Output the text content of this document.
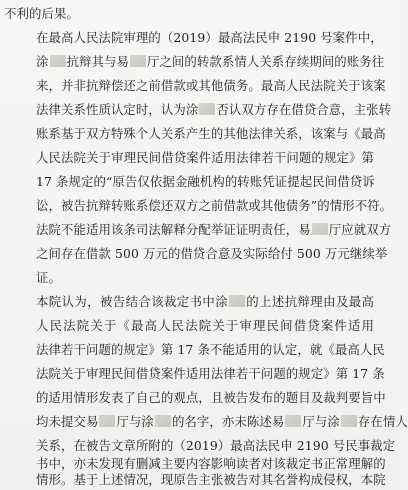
不利的后果。
在最高人民法院审理的（2019）最高法民申 2190 号案件中，
涂 抗辩其与易 厅之间的转款系情人关系存续期间的账务往
来，并非抗辩偿还之前借款或其他债务。最高人民法院关于该案
法律关系性质认定时，认为涂 否认双方存在借贷合意，主张转
账系基于双方特殊个人关系产生的其他法律关系，该案与《最高
人民法院关于审理民间借贷案件适用法律若干问题的规定》第
17 条规定的“原告仅依据金融机构的转账凭证提起民间借贷诉
讼，被告抗辩转账系偿还双方之前借款或其他债务”的情形不符。
法院不能适用该条司法解释分配举证证明责任，易 厅应就双方
之间存在借款 500 万元的借贷合意及实际给付 500 万元继续举
证。
本院认为，被告结合该裁定书中涂 的上述抗辩理由及最高
人民法院关于《最高人民法院关于审理民间借贷案件适用
法律若干问题的规定》第 17 条不能适用的认定，就《最高人民
法院关于审理民间借贷案件适用法律若干问题的规定》第 17 条
的适用情形发表了自己的观点，且被告发布的题目及裁判要旨中
均未提交易 厅与涂 的名字，亦未陈述易 厅与涂 存在情人
关系，在被告文章所附的（2019）最高法民申 2190 号民事裁定
书中，亦未发现有删减主要内容影响读者对该裁定书正常理解的
情形。基于上述情况，现原告主张被告对其名誉构成侵权，本院
